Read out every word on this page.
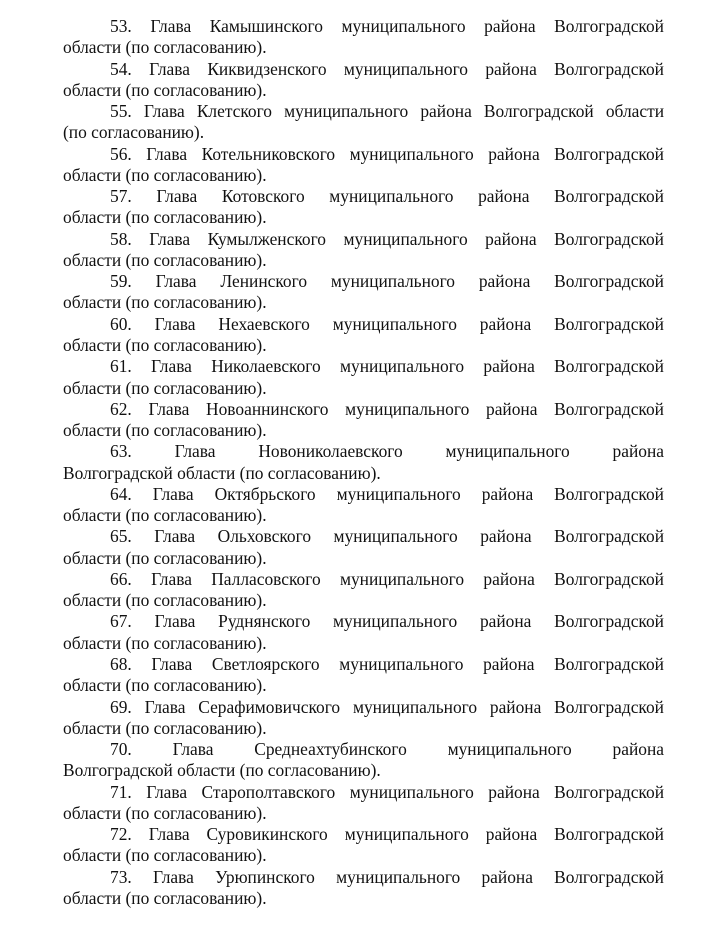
53. Глава Камышинского муниципального района Волгоградской
области (по согласованию).
54. Глава Киквидзенского муниципального района Волгоградской
области (по согласованию).
55. Глава Клетского муниципального района Волгоградской области
(по согласованию).
56. Глава Котельниковского муниципального района Волгоградской
области (по согласованию).
57. Глава Котовского муниципального района Волгоградской
области (по согласованию).
58. Глава Кумылженского муниципального района Волгоградской
области (по согласованию).
59. Глава Ленинского муниципального района Волгоградской
области (по согласованию).
60. Глава Нехаевского муниципального района Волгоградской
области (по согласованию).
61. Глава Николаевского муниципального района Волгоградской
области (по согласованию).
62. Глава Новоаннинского муниципального района Волгоградской
области (по согласованию).
63. Глава Новониколаевского муниципального района
Волгоградской области (по согласованию).
64. Глава Октябрьского муниципального района Волгоградской
области (по согласованию).
65. Глава Ольховского муниципального района Волгоградской
области (по согласованию).
66. Глава Палласовского муниципального района Волгоградской
области (по согласованию).
67. Глава Руднянского муниципального района Волгоградской
области (по согласованию).
68. Глава Светлоярского муниципального района Волгоградской
области (по согласованию).
69. Глава Серафимовичского муниципального района Волгоградской
области (по согласованию).
70. Глава Среднеахтубинского муниципального района
Волгоградской области (по согласованию).
71. Глава Старополтавского муниципального района Волгоградской
области (по согласованию).
72. Глава Суровикинского муниципального района Волгоградской
области (по согласованию).
73. Глава Урюпинского муниципального района Волгоградской
области (по согласованию).
